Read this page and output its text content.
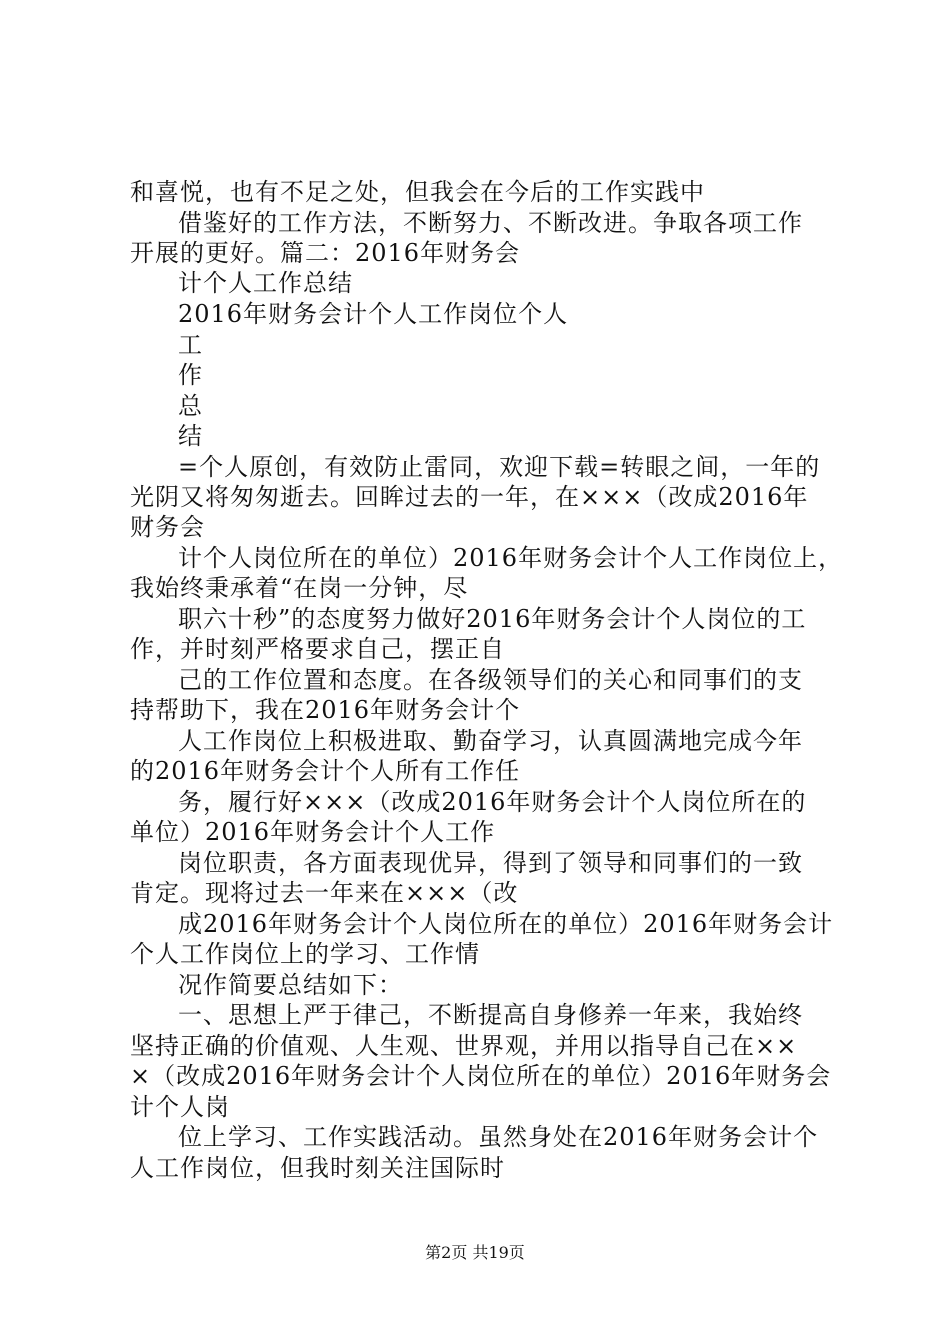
和喜悦，也有不足之处，但我会在今后的工作实践中
借鉴好的工作方法，不断努力、不断改进。争取各项工作
开展的更好。篇二：2016年财务会
计个人工作总结
2016年财务会计个人工作岗位个人
工
作
总
结
=个人原创，有效防止雷同，欢迎下载=转眼之间，一年的
光阴又将匆匆逝去。回眸过去的一年，在×××（改成2016年
财务会
计个人岗位所在的单位）2016年财务会计个人工作岗位上，
我始终秉承着“在岗一分钟，尽
职六十秒”的态度努力做好2016年财务会计个人岗位的工
作，并时刻严格要求自己，摆正自
己的工作位置和态度。在各级领导们的关心和同事们的支
持帮助下，我在2016年财务会计个
人工作岗位上积极进取、勤奋学习，认真圆满地完成今年
的2016年财务会计个人所有工作任
务，履行好×××（改成2016年财务会计个人岗位所在的
单位）2016年财务会计个人工作
岗位职责，各方面表现优异，得到了领导和同事们的一致
肯定。现将过去一年来在×××（改
成2016年财务会计个人岗位所在的单位）2016年财务会计
个人工作岗位上的学习、工作情
况作简要总结如下：
一、思想上严于律己，不断提高自身修养一年来，我始终
坚持正确的价值观、人生观、世界观，并用以指导自己在××
×（改成2016年财务会计个人岗位所在的单位）2016年财务会
计个人岗
位上学习、工作实践活动。虽然身处在2016年财务会计个
人工作岗位，但我时刻关注国际时
第2页 共19页
